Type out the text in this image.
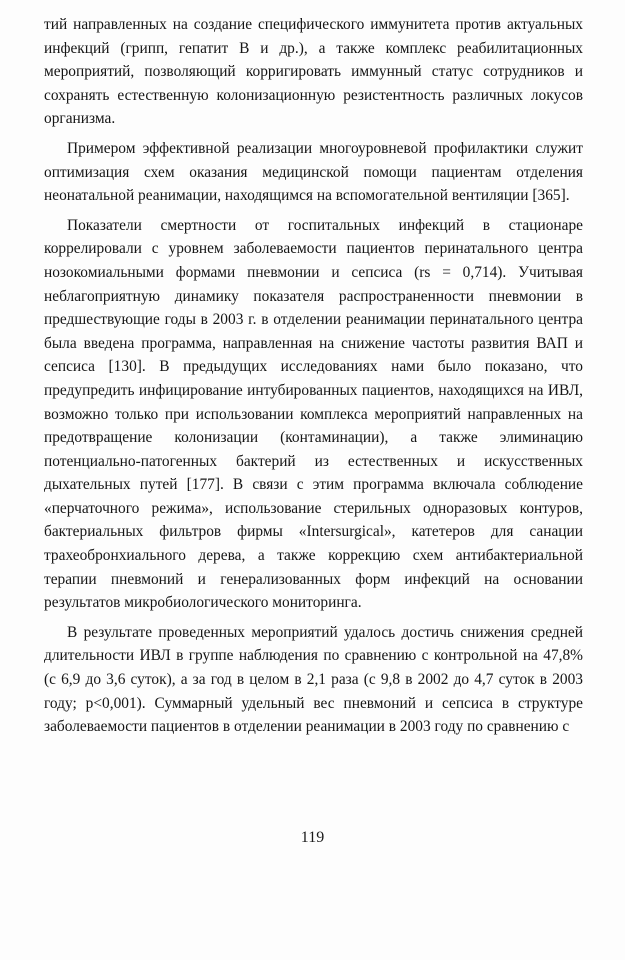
тий направленных на создание специфического иммунитета против актуальных инфекций (грипп, гепатит В и др.), а также комплекс реабилитационных мероприятий, позволяющий корригировать иммунный статус сотрудников и сохранять естественную колонизационную резистентность различных локусов организма.

Примером эффективной реализации многоуровневой профилактики служит оптимизация схем оказания медицинской помощи пациентам отделения неонатальной реанимации, находящимся на вспомогательной вентиляции [365].

Показатели смертности от госпитальных инфекций в стационаре коррелировали с уровнем заболеваемости пациентов перинатального центра нозокомиальными формами пневмонии и сепсиса (rs = 0,714). Учитывая неблагоприятную динамику показателя распространенности пневмонии в предшествующие годы в 2003 г. в отделении реанимации перинатального центра была введена программа, направленная на снижение частоты развития ВАП и сепсиса [130]. В предыдущих исследованиях нами было показано, что предупредить инфицирование интубированных пациентов, находящихся на ИВЛ, возможно только при использовании комплекса мероприятий направленных на предотвращение колонизации (контаминации), а также элиминацию потенциально-патогенных бактерий из естественных и искусственных дыхательных путей [177]. В связи с этим программа включала соблюдение «перчаточного режима», использование стерильных одноразовых контуров, бактериальных фильтров фирмы «Intersurgical», катетеров для санации трахеобронхиального дерева, а также коррекцию схем антибактериальной терапии пневмоний и генерализованных форм инфекций на основании результатов микробиологического мониторинга.

В результате проведенных мероприятий удалось достичь снижения средней длительности ИВЛ в группе наблюдения по сравнению с контрольной на 47,8% (с 6,9 до 3,6 суток), а за год в целом в 2,1 раза (с 9,8 в 2002 до 4,7 суток в 2003 году; p<0,001). Суммарный удельный вес пневмоний и сепсиса в структуре заболеваемости пациентов в отделении реанимации в 2003 году по сравнению с

119
